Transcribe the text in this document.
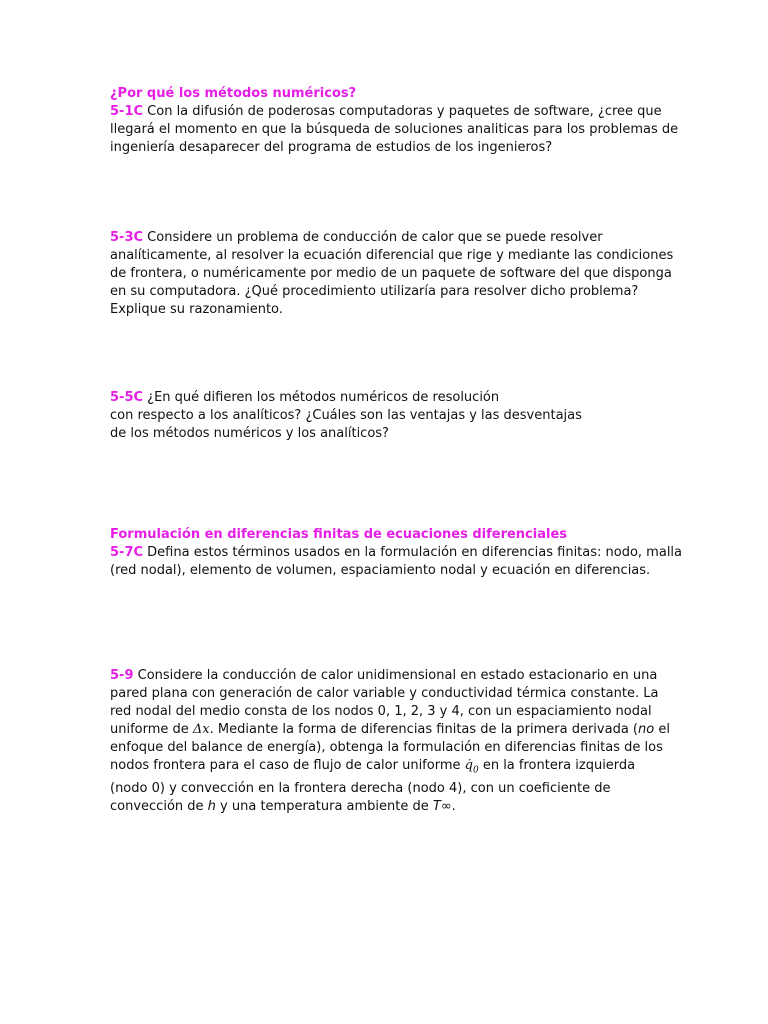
¿Por qué los métodos numéricos?
5-1C Con la difusión de poderosas computadoras y paquetes de software, ¿cree que
llegará el momento en que la búsqueda de soluciones analiticas para los problemas de
ingeniería desaparecer del programa de estudios de los ingenieros?
5-3C Considere un problema de conducción de calor que se puede resolver
analíticamente, al resolver la ecuación diferencial que rige y mediante las condiciones
de frontera, o numéricamente por medio de un paquete de software del que disponga
en su computadora. ¿Qué procedimiento utilizaría para resolver dicho problema?
Explique su razonamiento.
5-5C ¿En qué difieren los métodos numéricos de resolución
con respecto a los analíticos? ¿Cuáles son las ventajas y las desventajas
de los métodos numéricos y los analíticos?
Formulación en diferencias finitas de ecuaciones diferenciales
5-7C Defina estos términos usados en la formulación en diferencias finitas: nodo, malla
(red nodal), elemento de volumen, espaciamiento nodal y ecuación en diferencias.
5-9 Considere la conducción de calor unidimensional en estado estacionario en una
pared plana con generación de calor variable y conductividad térmica constante. La
red nodal del medio consta de los nodos 0, 1, 2, 3 y 4, con un espaciamiento nodal
uniforme de Δx. Mediante la forma de diferencias finitas de la primera derivada (no el
enfoque del balance de energía), obtenga la formulación en diferencias finitas de los
nodos frontera para el caso de flujo de calor uniforme $q̇_0$ en la frontera izquierda
(nodo 0) y convección en la frontera derecha (nodo 4), con un coeficiente de
convección de h y una temperatura ambiente de T∞.
